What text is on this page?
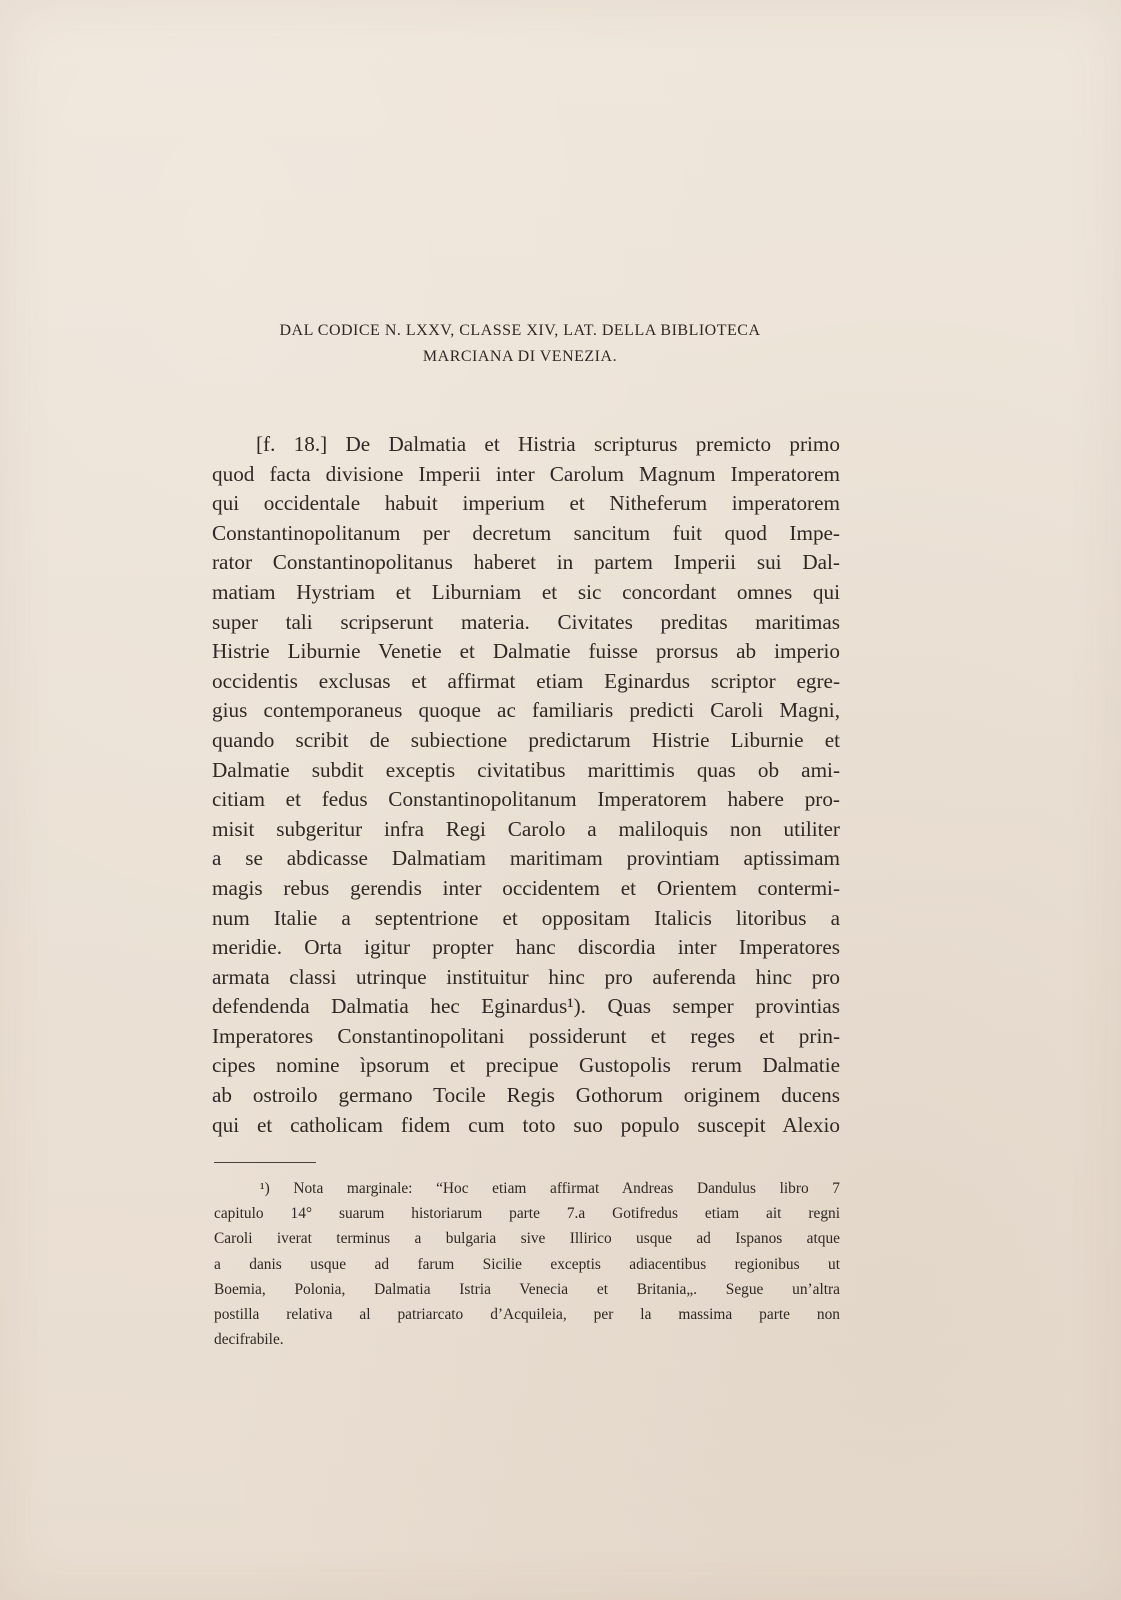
DAL CODICE N. LXXV, CLASSE XIV, LAT. DELLA BIBLIOTECA
MARCIANA DI VENEZIA.
[f. 18.] De Dalmatia et Histria scripturus premicto primo
quod facta divisione Imperii inter Carolum Magnum Imperatorem
qui occidentale habuit imperium et Nitheferum imperatorem
Constantinopolitanum per decretum sancitum fuit quod Impe-
rator Constantinopolitanus haberet in partem Imperii sui Dal-
matiam Hystriam et Liburniam et sic concordant omnes qui
super tali scripserunt materia. Civitates preditas maritimas
Histrie Liburnie Venetie et Dalmatie fuisse prorsus ab imperio
occidentis exclusas et affirmat etiam Eginardus scriptor egre-
gius contemporaneus quoque ac familiaris predicti Caroli Magni,
quando scribit de subiectione predictarum Histrie Liburnie et
Dalmatie subdit exceptis civitatibus marittimis quas ob ami-
citiam et fedus Constantinopolitanum Imperatorem habere pro-
misit subgeritur infra Regi Carolo a maliloquis non utiliter
a se abdicasse Dalmatiam maritimam provintiam aptissimam
magis rebus gerendis inter occidentem et Orientem contermi-
num Italie a septentrione et oppositam Italicis litoribus a
meridie. Orta igitur propter hanc discordia inter Imperatores
armata classi utrinque instituitur hinc pro auferenda hinc pro
defendenda Dalmatia hec Eginardus¹). Quas semper provintias
Imperatores Constantinopolitani possiderunt et reges et prin-
cipes nomine ìpsorum et precipue Gustopolis rerum Dalmatie
ab ostroilo germano Tocile Regis Gothorum originem ducens
qui et catholicam fidem cum toto suo populo suscepit Alexio
¹) Nota marginale: “Hoc etiam affirmat Andreas Dandulus libro 7
capitulo 14° suarum historiarum parte 7.a Gotifredus etiam ait regni
Caroli iverat terminus a bulgaria sive Illirico usque ad Ispanos atque
a danis usque ad farum Sicilie exceptis adiacentibus regionibus ut
Boemia, Polonia, Dalmatia Istria Venecia et Britania„. Segue un’altra
postilla relativa al patriarcato d’Acquileia, per la massima parte non
decifrabile.
